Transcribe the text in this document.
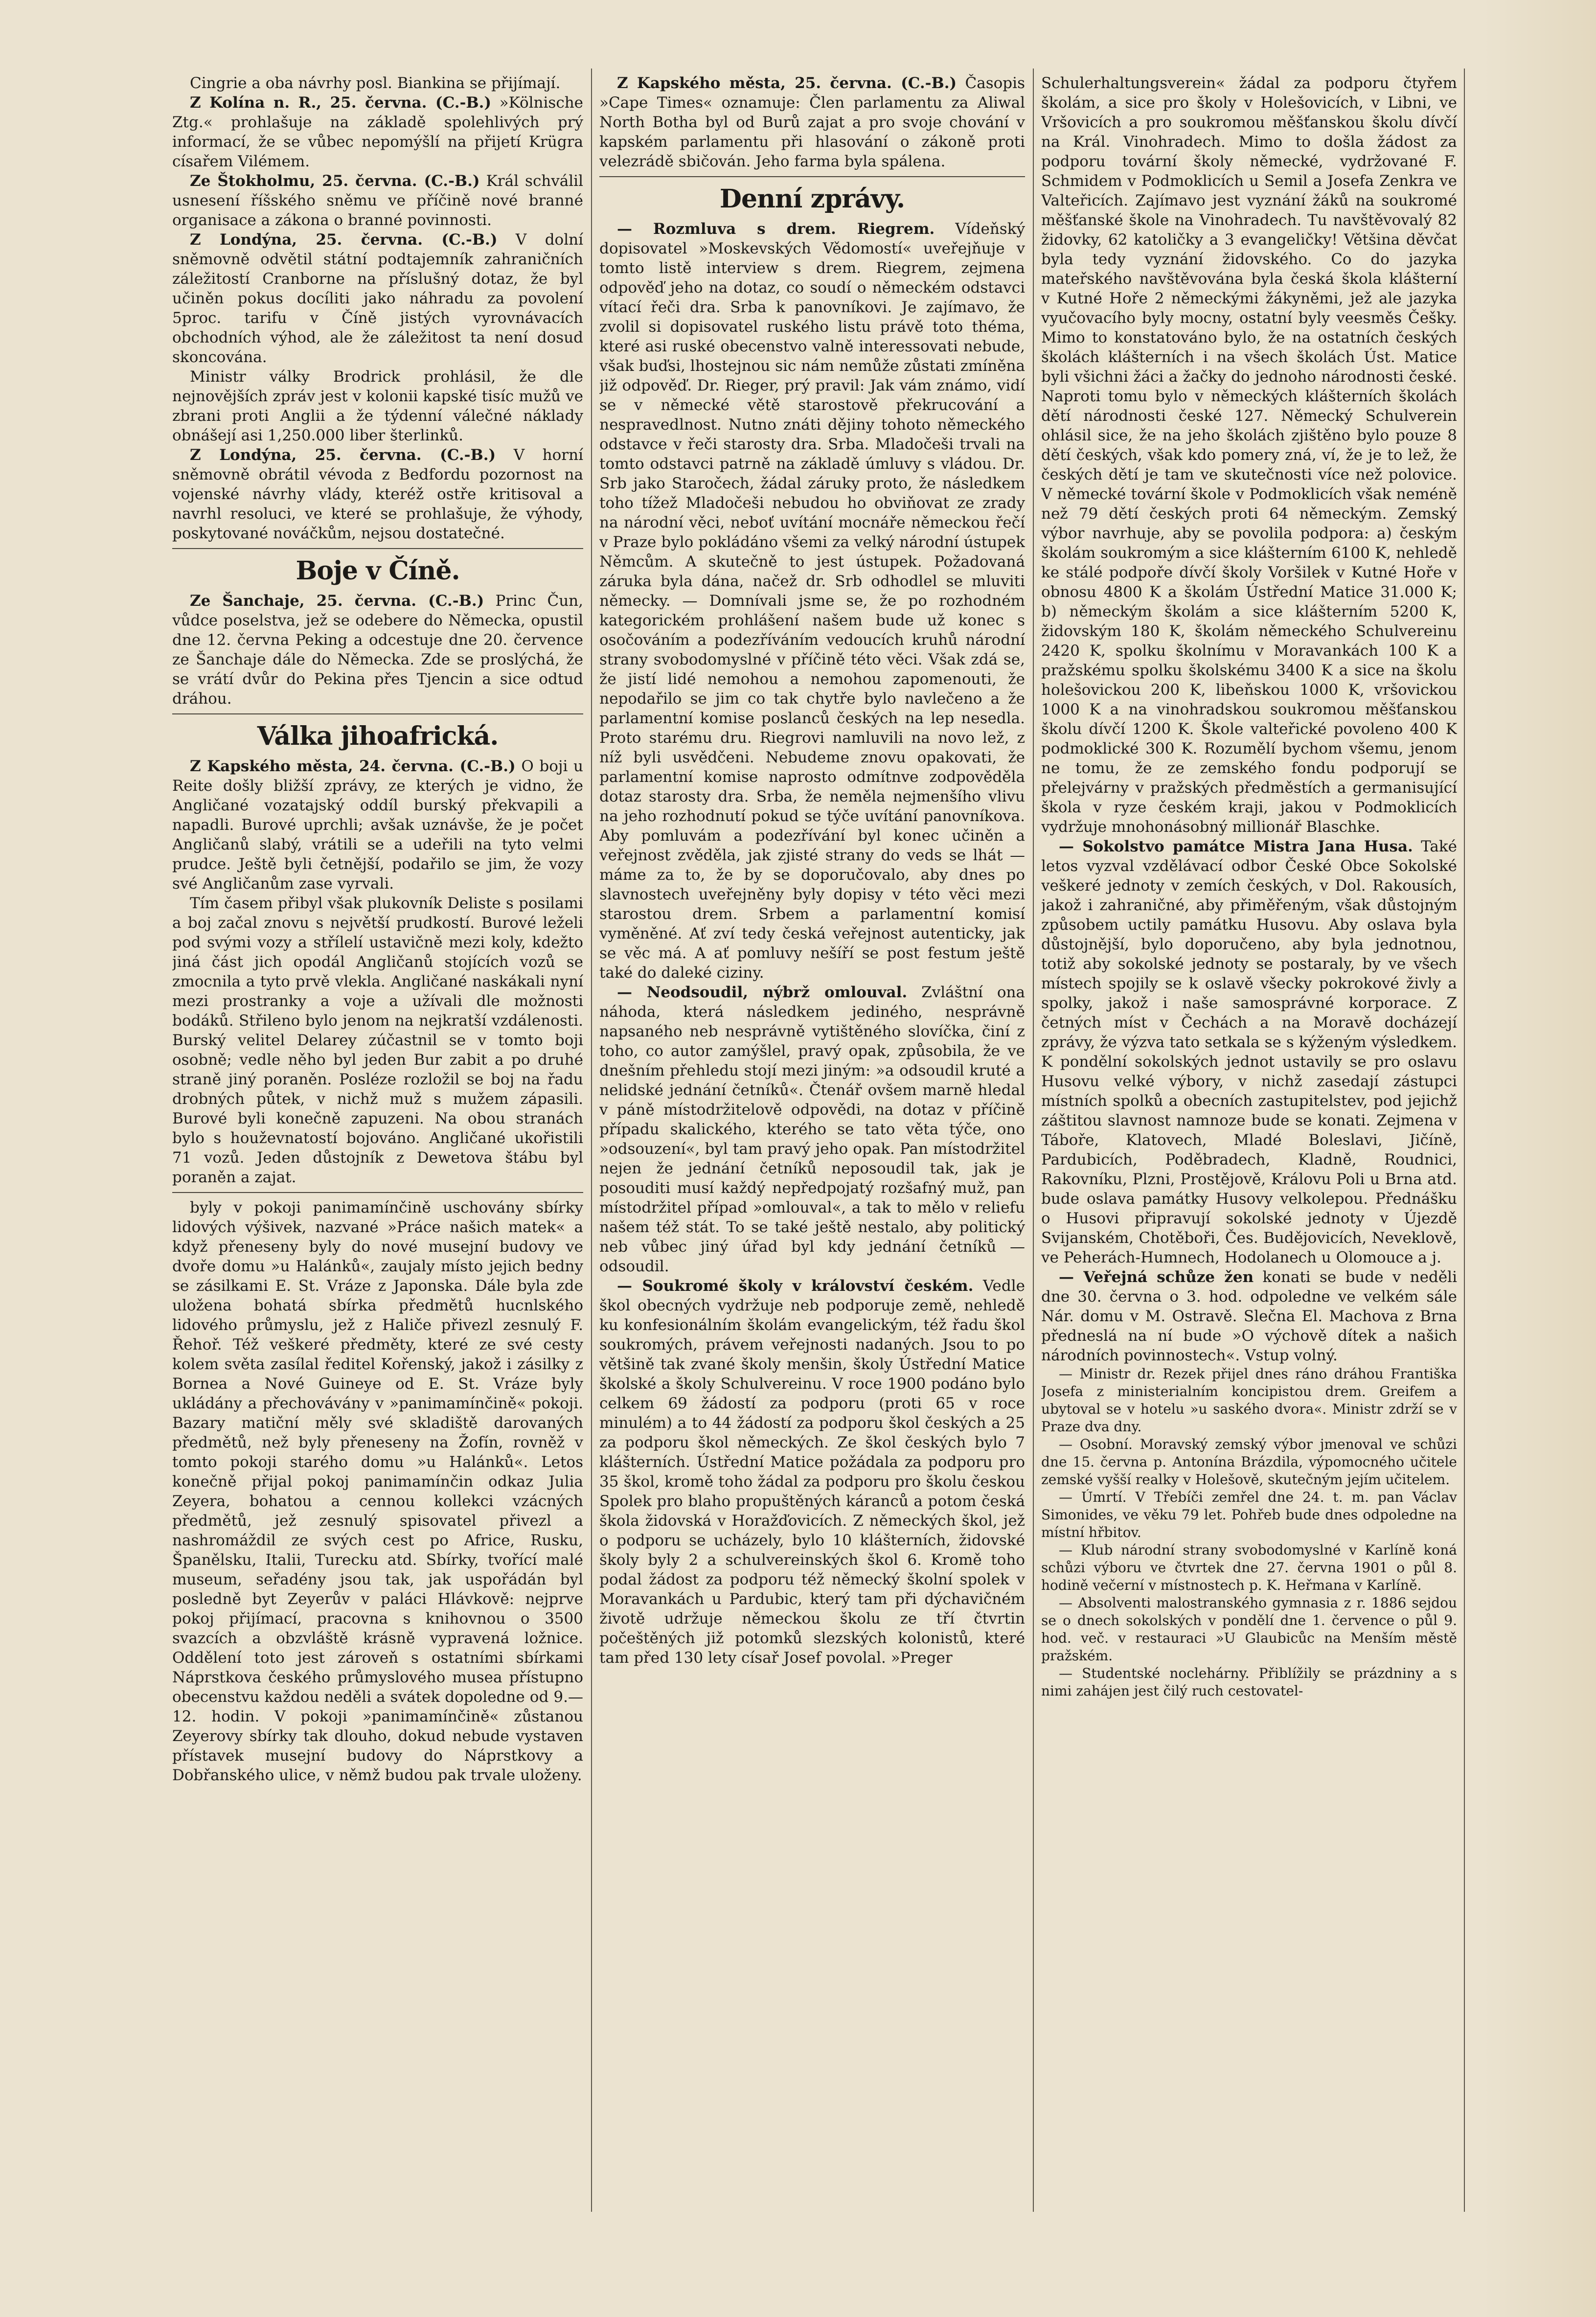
Cingrie a oba návrhy posl. Biankina se přijímají.

Z Kolína n. R., 25. června. (C.-B.) »Kölnische Ztg.« prohlašuje na základě spolehlivých prý informací, že se vůbec nepomýšlí na přijetí Krügra císařem Vilémem.

Ze Štokholmu, 25. června. (C.-B.) Král schválil usnesení říšského sněmu ve příčině nové branné organisace a zákona o branné povinnosti.

Z Londýna, 25. června. (C.-B.) V dolní sněmovně odvětil státní podtajemník zahraničních záležitostí Cranborne na příslušný dotaz, že byl učiněn pokus docíliti jako náhradu za povolení 5proc. tarifu v Číně jistých vyrovnávacích obchodních výhod, ale že záležitost ta není dosud skoncována.

Ministr války Brodrick prohlásil, že dle nejnovějších zpráv jest v kolonii kapské tisíc mužů ve zbrani proti Anglii a že týdenní válečné náklady obnášejí asi 1,250.000 liber šterlinků.

Z Londýna, 25. června. (C.-B.) V horní sněmovně obrátil vévoda z Bedfordu pozornost na vojenské návrhy vlády, kteréž ostře kritisoval a navrhl resoluci, ve které se prohlašuje, že výhody, poskytované nováčkům, nejsou dostatečné.

Boje v Číně.

Ze Šanchaje, 25. června. (C.-B.) Princ Čun, vůdce poselstva, jež se odebere do Německa, opustil dne 12. června Peking a odcestuje dne 20. července ze Šanchaje dále do Německa. Zde se proslýchá, že se vrátí dvůr do Pekina přes Tjencin a sice odtud dráhou.

Válka jihoafrická.

Z Kapského města, 24. června. (C.-B.) O boji u Reite došly bližší zprávy, ze kterých je vidno, že Angličané vozatajský oddíl burský překvapili a napadli. Burové uprchli; avšak uznávše, že je počet Angličanů slabý, vrátili se a udeřili na tyto velmi prudce. Ještě byli četnější, podařilo se jim, že vozy své Angličanům zase vyrvali.

Tím časem přibyl však plukovník Deliste s posilami a boj začal znovu s největší prudkostí. Burové leželi pod svými vozy a střílelí ustavičně mezi koly, kdežto jiná část jich opodál Angličanů stojících vozů se zmocnila a tyto prvě vlekla. Angličané naskákali nyní mezi prostranky a voje a užívali dle možnosti bodáků. Střileno bylo jenom na nejkratší vzdálenosti. Burský velitel Delarey zúčastnil se v tomto boji osobně; vedle něho byl jeden Bur zabit a po druhé straně jiný poraněn. Posléze rozložil se boj na řadu drobných půtek, v nichž muž s mužem zápasili. Burové byli konečně zapuzeni. Na obou stranách bylo s houževnatostí bojováno. Angličané ukořistili 71 vozů. Jeden důstojník z Dewetova štábu byl poraněn a zajat.

byly v pokoji panimamínčině uschovány sbírky lidových výšivek, nazvané »Práce našich matek« a když přeneseny byly do nové musejní budovy ve dvoře domu »u Halánků«, zaujaly místo jejich bedny se zásilkami E. St. Vráze z Japonska. Dále byla zde uložena bohatá sbírka předmětů hucnlského lidového průmyslu, jež z Haliče přivezl zesnulý F. Řehoř. Též veškeré předměty, které ze své cesty kolem světa zasílal ředitel Kořenský, jakož i zásilky z Bornea a Nové Guineye od E. St. Vráze byly ukládány a přechovávány v »panimamínčině« pokoji. Bazary matiční měly své skladiště darovaných předmětů, než byly přeneseny na Žofín, rovněž v tomto pokoji starého domu »u Halánků«. Letos konečně přijal pokoj panimamínčin odkaz Julia Zeyera, bohatou a cennou kollekci vzácných předmětů, jež zesnulý spisovatel přivezl a nashromáždil ze svých cest po Africe, Rusku, Španělsku, Italii, Turecku atd. Sbírky, tvořící malé museum, seřadény jsou tak, jak uspořádán byl posledně byt Zeyerův v paláci Hlávkově: nejprve pokoj přijímací, pracovna s knihovnou o 3500 svazcích a obzvláště krásně vypravená ložnice. Oddělení toto jest zároveň s ostatními sbírkami Náprstkova českého průmyslového musea přístupno obecenstvu každou neděli a svátek dopoledne od 9.—12. hodin. V pokoji »panimamínčině« zůstanou Zeyerovy sbírky tak dlouho, dokud nebude vystaven přístavek musejní budovy do Náprstkovy a Dobřanského ulice, v němž budou pak trvale uloženy.

Z Kapského města, 25. června. (C.-B.) Časopis »Cape Times« oznamuje: Člen parlamentu za Aliwal North Botha byl od Burů zajat a pro svoje chování v kapském parlamentu při hlasování o zákoně proti velezrádě sbičován. Jeho farma byla spálena.

Denní zprávy.

— Rozmluva s drem. Riegrem. Vídeňský dopisovatel »Moskevských Vědomostí« uveřejňuje v tomto listě interview s drem. Riegrem, zejmena odpověď jeho na dotaz, co soudí o německém odstavci vítací řeči dra. Srba k panovníkovi. Je zajímavo, že zvolil si dopisovatel ruského listu právě toto théma, které asi ruské obecenstvo valně interessovati nebude, však buďsi, lhostejnou sic nám nemůže zůstati zmíněna již odpověď. Dr. Rieger, prý pravil: Jak vám známo, vidí se v německé větě starostově překrucování a nespravedlnost. Nutno znáti dějiny tohoto německého odstavce v řeči starosty dra. Srba. Mladočeši trvali na tomto odstavci patrně na základě úmluvy s vládou. Dr. Srb jako Staročech, žádal záruky proto, že následkem toho tížež Mladočeši nebudou ho obviňovat ze zrady na národní věci, neboť uvítání mocnáře německou řečí v Praze bylo pokládáno všemi za velký národní ústupek Němcům. A skutečně to jest ústupek. Požadovaná záruka byla dána, načež dr. Srb odhodlel se mluviti německy. — Domnívali jsme se, že po rozhodném kategorickém prohlášení našem bude už konec s osočováním a podezříváním vedoucích kruhů národní strany svobodomyslné v příčině této věci. Však zdá se, že jistí lidé nemohou a nemohou zapomenouti, že nepodařilo se jim co tak chytře bylo navlečeno a že parlamentní komise poslanců českých na lep nesedla. Proto starému dru. Riegrovi namluvili na novo lež, z níž byli usvědčeni. Nebudeme znovu opakovati, že parlamentní komise naprosto odmítnve zodpověděla dotaz starosty dra. Srba, že neměla nejmenšího vlivu na jeho rozhodnutí pokud se týče uvítání panovníkova. Aby pomluvám a podezřívání byl konec učiněn a veřejnost zvěděla, jak zjisté strany do veds se lhát — máme za to, že by se doporučovalo, aby dnes po slavnostech uveřejněny byly dopisy v této věci mezi starostou drem. Srbem a parlamentní komisí vyměněné. Ať zví tedy česká veřejnost autenticky, jak se věc má. A ať pomluvy nešíří se post festum ještě také do daleké ciziny.

— Neodsoudil, nýbrž omlouval. Zvláštní ona náhoda, která následkem jediného, nesprávně napsaného neb nesprávně vytištěného slovíčka, činí z toho, co autor zamýšlel, pravý opak, způsobila, že ve dnešním přehledu stojí mezi jiným: »a odsoudil kruté a nelidské jednání četníků«. Čtenář ovšem marně hledal v páně místodržitelově odpovědi, na dotaz v příčině případu skalického, kterého se tato věta týče, ono »odsouzení«, byl tam pravý jeho opak. Pan místodržitel nejen že jednání četníků neposoudil tak, jak je posouditi musí každý nepředpojatý rozšafný muž, pan místodržitel případ »omlouval«, a tak to mělo v reliefu našem též stát. To se také ještě nestalo, aby politický neb vůbec jiný úřad byl kdy jednání četníků — odsoudil.

— Soukromé školy v království českém. Vedle škol obecných vydržuje neb podporuje země, nehledě ku konfesionálním školám evangelickým, též řadu škol soukromých, právem veřejnosti nadaných. Jsou to po většině tak zvané školy menšin, školy Ústřední Matice školské a školy Schulvereinu. V roce 1900 podáno bylo celkem 69 žádostí za podporu (proti 65 v roce minulém) a to 44 žádostí za podporu škol českých a 25 za podporu škol německých. Ze škol českých bylo 7 klášterních. Ústřední Matice požádala za podporu pro 35 škol, kromě toho žádal za podporu pro školu českou Spolek pro blaho propuštěných káranců a potom česká škola židovská v Horažďovicích. Z německých škol, jež o podporu se ucházely, bylo 10 klášterních, židovské školy byly 2 a schulvereinských škol 6. Kromě toho podal žádost za podporu též německý školní spolek v Moravankách u Pardubic, který tam při dýchavičném životě udržuje německou školu ze tří čtvrtin počeštěných již potomků slezských kolonistů, které tam před 130 lety císař Josef povolal. »Preger

Schulerhaltungsverein« žádal za podporu čtyřem školám, a sice pro školy v Holešovicích, v Libni, ve Vršovicích a pro soukromou měšťanskou školu dívčí na Král. Vinohradech. Mimo to došla žádost za podporu tovární školy německé, vydržované F. Schmidem v Podmoklicích u Semil a Josefa Zenkra ve Valteřicích. Zajímavo jest vyznání žáků na soukromé měšťanské škole na Vinohradech. Tu navštěvovalý 82 židovky, 62 katoličky a 3 evangeličky! Většina děvčat byla tedy vyznání židovského. Co do jazyka mateřského navštěvována byla česká škola klášterní v Kutné Hoře 2 německými žákyněmi, jež ale jazyka vyučovacího byly mocny, ostatní byly veesměs Češky. Mimo to konstatováno bylo, že na ostatních českých školách klášterních i na všech školách Úst. Matice byli všichni žáci a žačky do jednoho národnosti české. Naproti tomu bylo v německých klášterních školách dětí národnosti české 127. Německý Schulverein ohlásil sice, že na jeho školách zjištěno bylo pouze 8 dětí českých, však kdo pomery zná, ví, že je to lež, že českých dětí je tam ve skutečnosti více než polovice. V německé tovární škole v Podmoklicích však neméně než 79 dětí českých proti 64 německým. Zemský výbor navrhuje, aby se povolila podpora: a) českým školám soukromým a sice klášterním 6100 K, nehledě ke stálé podpoře dívčí školy Voršilek v Kutné Hoře v obnosu 4800 K a školám Ústřední Matice 31.000 K; b) německým školám a sice klášterním 5200 K, židovským 180 K, školám německého Schulvereinu 2420 K, spolku školnímu v Moravankách 100 K a pražskému spolku školskému 3400 K a sice na školu holešovickou 200 K, libeňskou 1000 K, vršovickou 1000 K a na vinohradskou soukromou měšťanskou školu dívčí 1200 K. Škole valteřické povoleno 400 K podmoklické 300 K. Rozumělí bychom všemu, jenom ne tomu, že ze zemského fondu podporují se přelejvárny v pražských předměstích a germanisující škola v ryze českém kraji, jakou v Podmoklicích vydržuje mnohonásobný millionář Blaschke.

— Sokolstvo památce Mistra Jana Husa. Také letos vyzval vzdělávací odbor České Obce Sokolské veškeré jednoty v zemích českých, v Dol. Rakousích, jakož i zahraničné, aby přiměřeným, však důstojným způsobem uctily památku Husovu. Aby oslava byla důstojnější, bylo doporučeno, aby byla jednotnou, totiž aby sokolské jednoty se postaraly, by ve všech místech spojily se k oslavě všecky pokrokové živly a spolky, jakož i naše samosprávné korporace. Z četných míst v Čechách a na Moravě docházejí zprávy, že výzva tato setkala se s kýženým výsledkem. K pondělní sokolských jednot ustavily se pro oslavu Husovu velké výbory, v nichž zasedají zástupci místních spolků a obecních zastupitelstev, pod jejichž záštitou slavnost namnoze bude se konati. Zejmena v Táboře, Klatovech, Mladé Boleslavi, Jičíně, Pardubicích, Poděbradech, Kladně, Roudnici, Rakovníku, Plzni, Prostějově, Královu Poli u Brna atd. bude oslava památky Husovy velkolepou. Přednášku o Husovi připravují sokolské jednoty v Újezdě Svijanském, Chotěboři, Čes. Budějovicích, Neveklově, ve Peherách-Humnech, Hodolanech u Olomouce a j.

— Veřejná schůze žen konati se bude v neděli dne 30. června o 3. hod. odpoledne ve velkém sále Nár. domu v M. Ostravě. Slečna El. Machova z Brna předneslá na ní bude »O výchově dítek a našich národních povinnostech«. Vstup volný.

— Ministr dr. Rezek přijel dnes ráno dráhou Františka Josefa z ministerialním koncipistou drem. Greifem a ubytoval se v hotelu »u saského dvora«. Ministr zdrží se v Praze dva dny.

— Osobní. Moravský zemský výbor jmenoval ve schůzi dne 15. června p. Antonína Brázdila, výpomocného učitele zemské vyšší realky v Holešově, skutečným jejím učitelem.

— Úmrtí. V Třebíči zemřel dne 24. t. m. pan Václav Simonides, ve věku 79 let. Pohřeb bude dnes odpoledne na místní hřbitov.

— Klub národní strany svobodomyslné v Karlíně koná schůzi výboru ve čtvrtek dne 27. června 1901 o půl 8. hodině večerní v místnostech p. K. Heřmana v Karlíně.

— Absolventi malostranského gymnasia z r. 1886 sejdou se o dnech sokolských v pondělí dne 1. července o půl 9. hod. več. v restauraci »U Glaubicůc na Menším městě pražském.

— Studentské noclehárny. Přiblížily se prázdniny a s nimi zahájen jest čilý ruch cestovatel-
